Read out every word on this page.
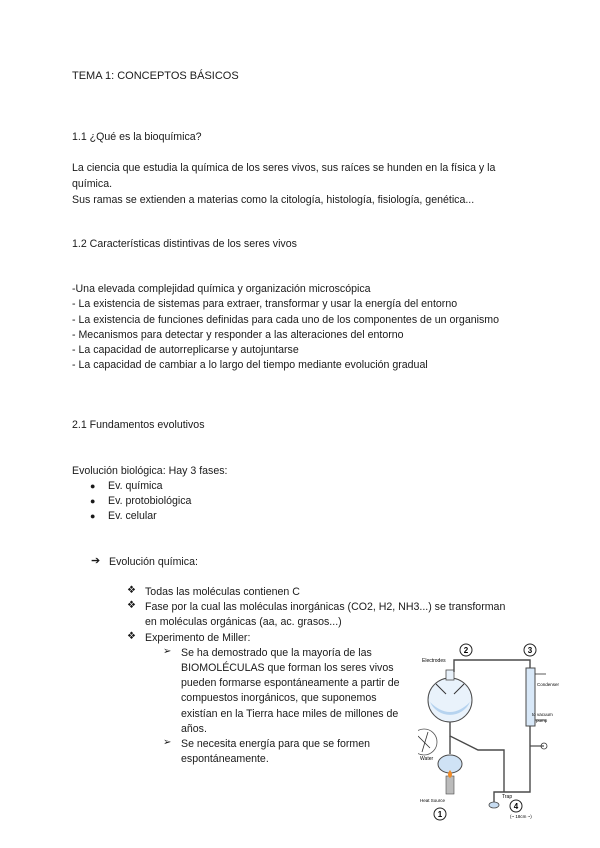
TEMA 1: CONCEPTOS BÁSICOS
1.1 ¿Qué es la bioquímica?
La ciencia que estudia la química de los seres vivos, sus raíces se hunden en la física y la
química.
Sus ramas se extienden a materias como la citología, histología, fisiología, genética...
1.2 Características distintivas de los seres vivos
-Una elevada complejidad química y organización microscópica
- La existencia de sistemas para extraer, transformar y usar la energía del entorno
- La existencia de funciones definidas para cada uno de los componentes de un organismo
- Mecanismos para detectar y responder a las alteraciones del entorno
- La capacidad de autorreplicarse y autojuntarse
- La capacidad de cambiar a lo largo del tiempo mediante evolución gradual
2.1 Fundamentos evolutivos
Evolución biológica: Hay 3 fases:
● Ev. química
● Ev. protobiológica
● Ev. celular
➔ Evolución química:
❖ Todas las moléculas contienen C
❖ Fase por la cual las moléculas inorgánicas (CO2, H2, NH3...) se transforman
en moléculas orgánicas (aa, ac. grasos...)
❖ Experimento de Miller:
➢ Se ha demostrado que la mayoría de las
BIOMOLÉCULAS que forman los seres vivos
pueden formarse espontáneamente a partir de
compuestos inorgánicos, que suponemos
existían en la Tierra hace miles de millones de
años.
➢ Se necesita energía para que se formen
espontáneamente.
2	3
1
4
Electrodes
Condenser
to vacuum
pump
Water
Heat Source
Trap
(~ 18cm ~)
